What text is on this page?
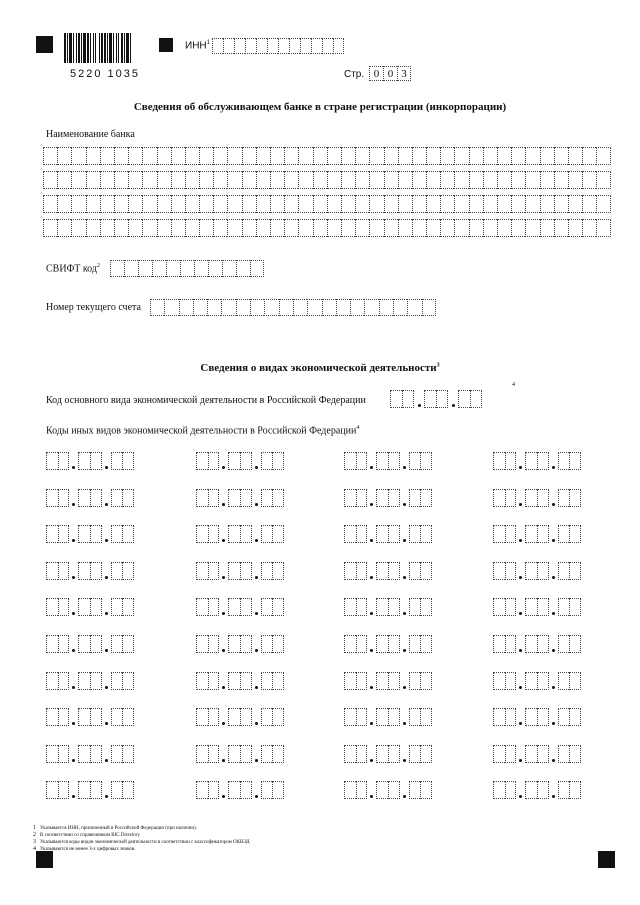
5220 1035
ИНН$^1$
Стр. 0 0 3
Сведения об обслуживающем банке в стране регистрации (инкорпорации)
Наименование банка
СВИФТ код$^2$
Номер текущего счета
Сведения о видах экономической деятельности$^3$
Код основного вида экономической деятельности в Российской Федерации
4
Коды иных видов экономической деятельности в Российской Федерации$^4$
1 Указывается ИНН, присвоенный в Российской Федерации (при наличии).
2 В соответствии со справочником BIC Directory
3 Указываются коды видов экономической деятельности в соответствии с классификатором ОКВЭД
4 Указываются не менее 3-х цифровых знаков.
